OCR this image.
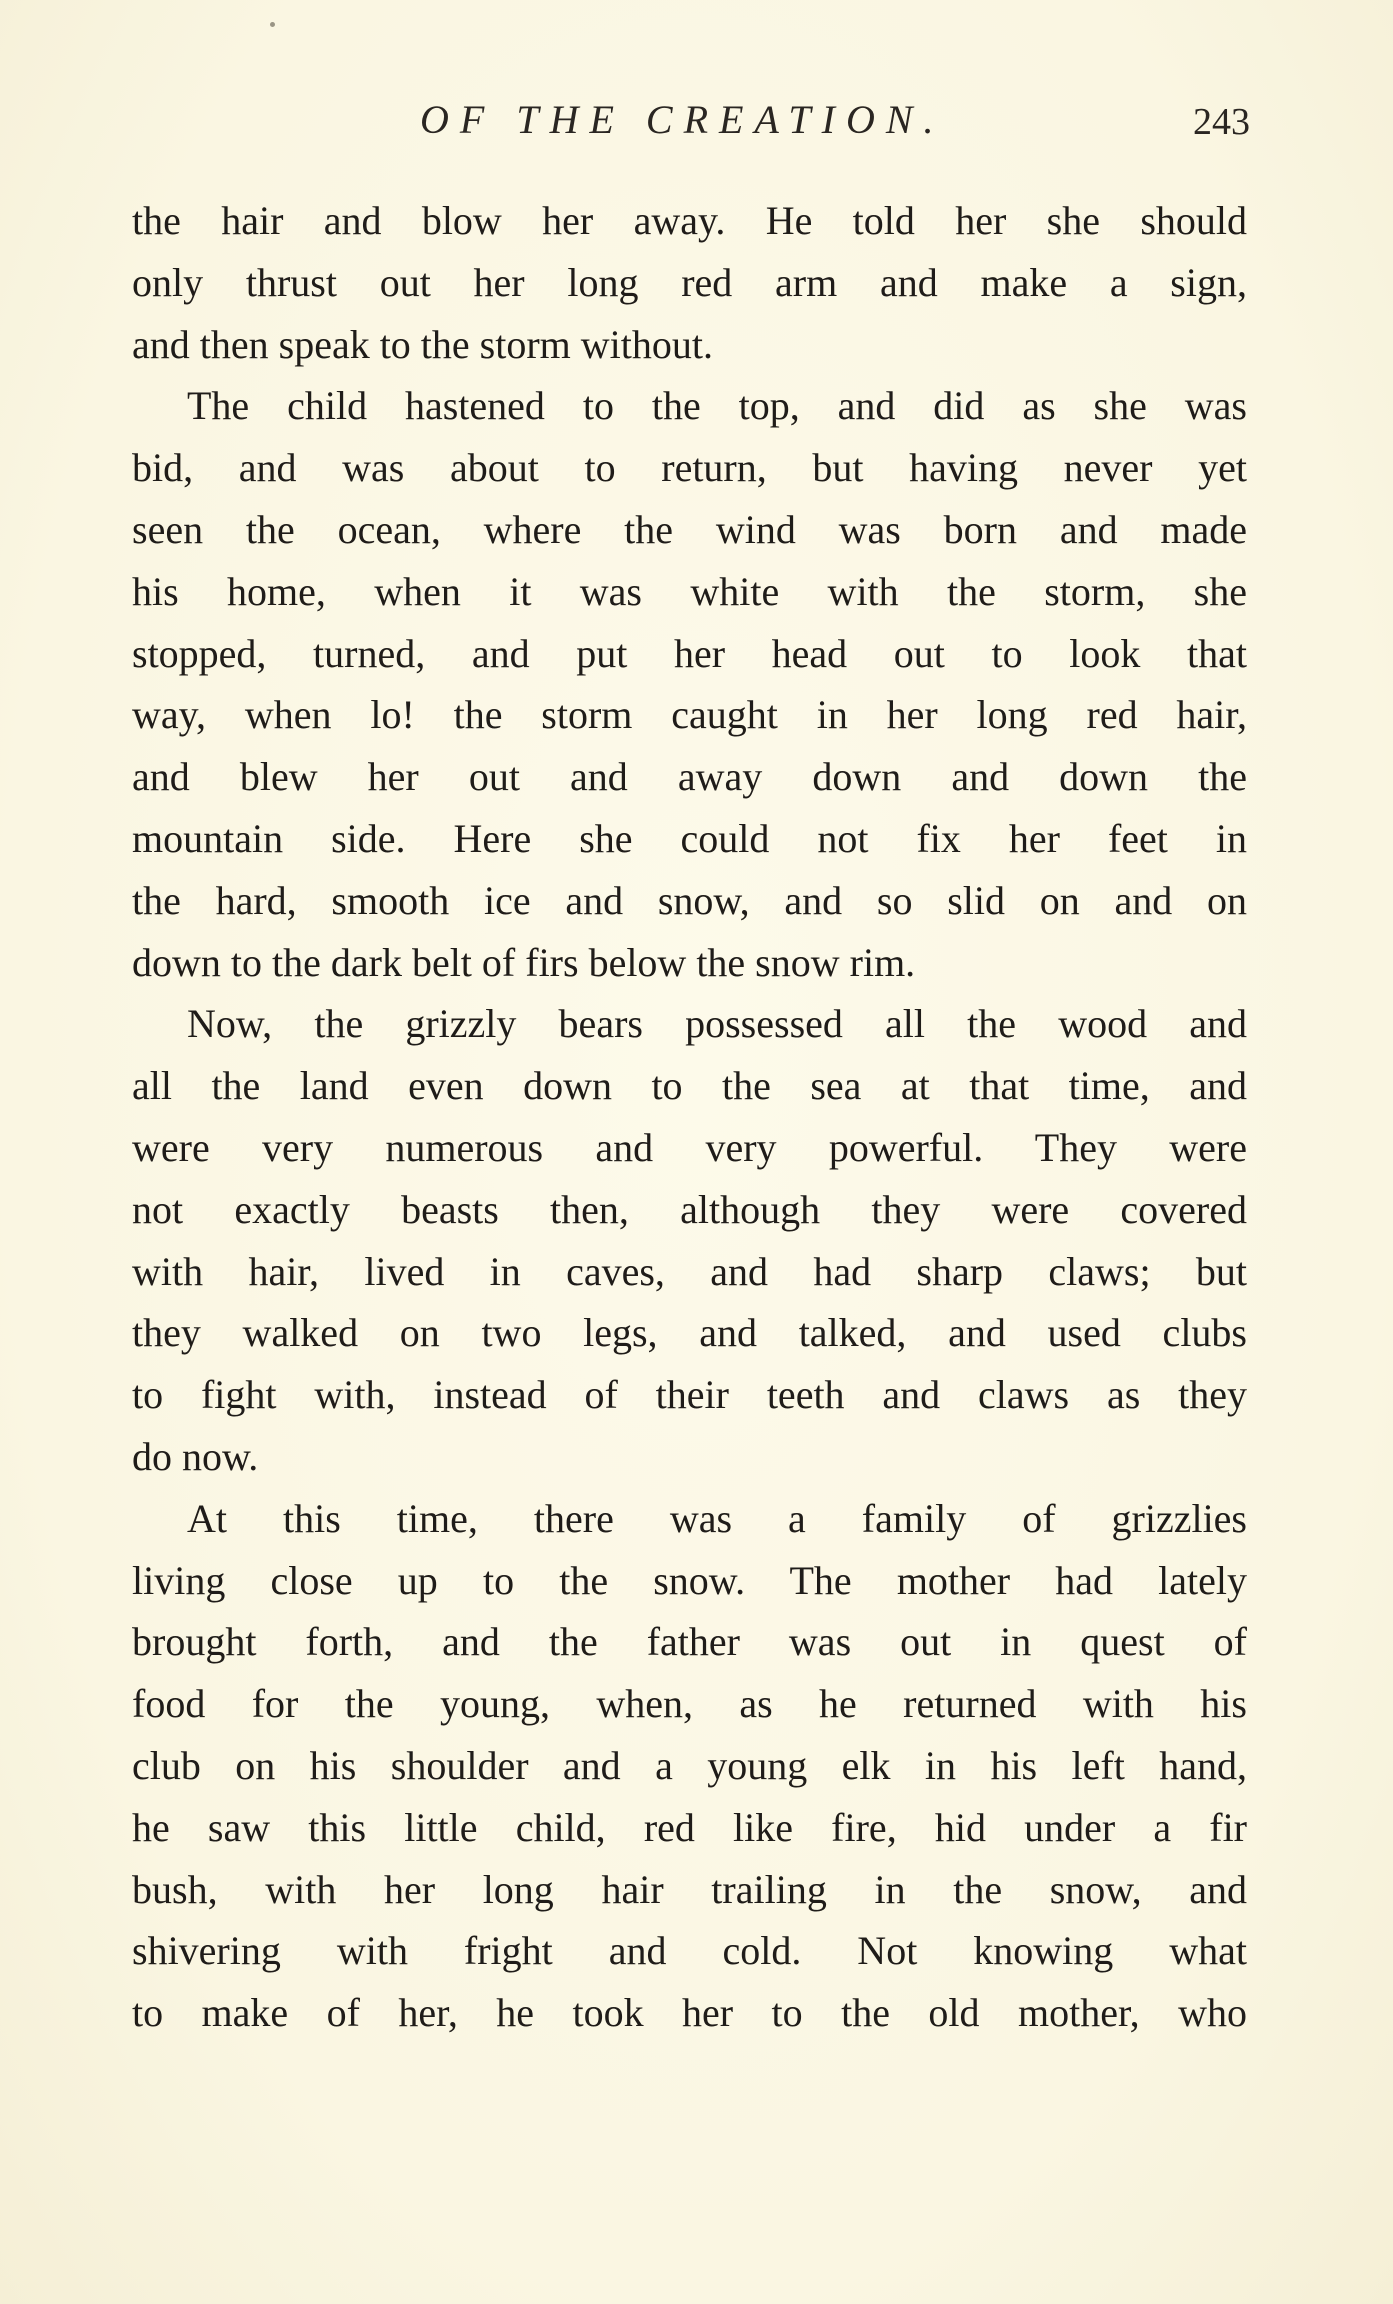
OF THE CREATION.	243

the hair and blow her away. He told her she should
only thrust out her long red arm and make a sign,
and then speak to the storm without.

The child hastened to the top, and did as she was
bid, and was about to return, but having never yet
seen the ocean, where the wind was born and made
his home, when it was white with the storm, she
stopped, turned, and put her head out to look that
way, when lo! the storm caught in her long red hair,
and blew her out and away down and down the
mountain side. Here she could not fix her feet in
the hard, smooth ice and snow, and so slid on and on
down to the dark belt of firs below the snow rim.

Now, the grizzly bears possessed all the wood and
all the land even down to the sea at that time, and
were very numerous and very powerful. They were
not exactly beasts then, although they were covered
with hair, lived in caves, and had sharp claws; but
they walked on two legs, and talked, and used clubs
to fight with, instead of their teeth and claws as they
do now.

At this time, there was a family of grizzlies
living close up to the snow. The mother had lately
brought forth, and the father was out in quest of
food for the young, when, as he returned with his
club on his shoulder and a young elk in his left hand,
he saw this little child, red like fire, hid under a fir
bush, with her long hair trailing in the snow, and
shivering with fright and cold. Not knowing what
to make of her, he took her to the old mother, who
